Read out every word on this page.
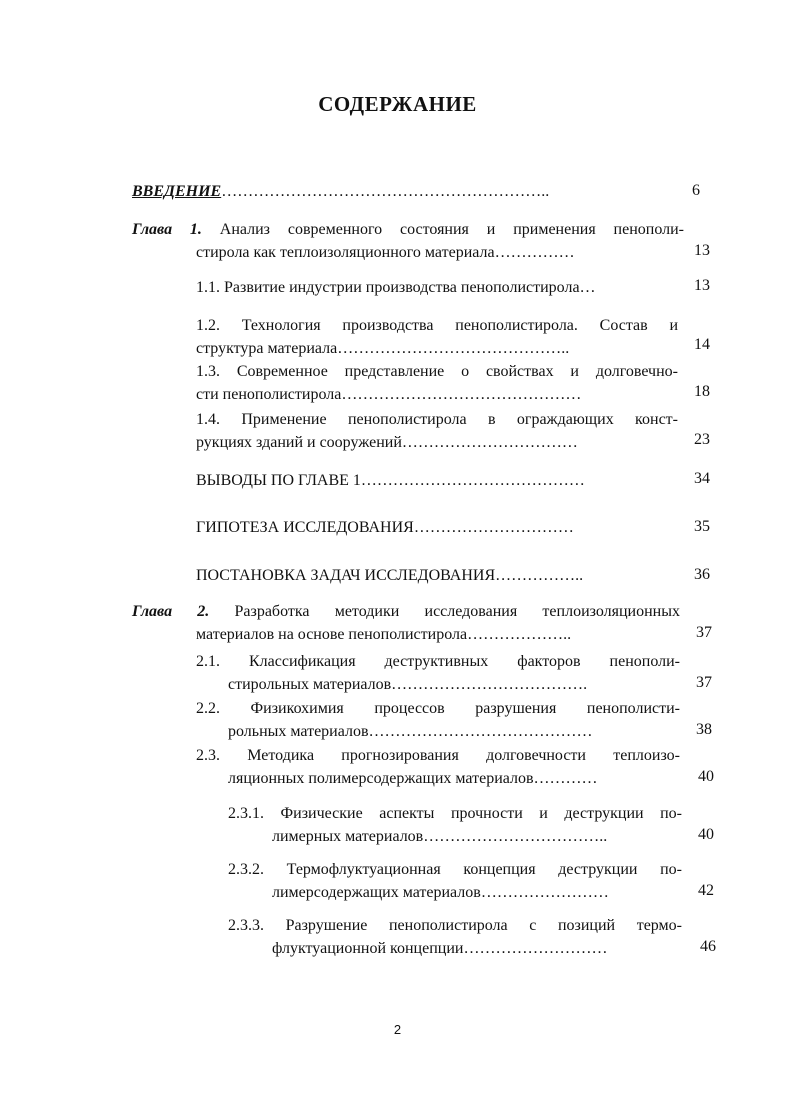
СОДЕРЖАНИЕ
ВВЕДЕНИЕ……………………………………………………..	6
Глава 1. Анализ современного состояния и применения пенополи-
стирола как теплоизоляционного материала……………	13
1.1. Развитие индустрии производства пенополистирола…	13
1.2. Технология производства пенополистирола. Состав и
структура материала……………………………………..	14
1.3. Современное представление о свойствах и долговечно-
сти пенополистирола………………………………………	18
1.4. Применение пенополистирола в ограждающих конст-
рукциях зданий и сооружений……………………………	23
ВЫВОДЫ ПО ГЛАВЕ 1……………………………………	34
ГИПОТЕЗА ИССЛЕДОВАНИЯ…………………………	35
ПОСТАНОВКА ЗАДАЧ ИССЛЕДОВАНИЯ……………..	36
Глава 2. Разработка методики исследования теплоизоляционных
материалов на основе пенополистирола………………..	37
2.1. Классификация деструктивных факторов пенополи-
стирольных материалов……………………………….	37
2.2. Физикохимия процессов разрушения пенополисти-
рольных материалов……………………………………	38
2.3. Методика прогнозирования долговечности теплоизо-
ляционных полимерсодержащих материалов…………	40
2.3.1. Физические аспекты прочности и деструкции по-
лимерных материалов……………………………..	40
2.3.2. Термофлуктуационная концепция деструкции по-
лимерсодержащих материалов……………………	42
2.3.3. Разрушение пенополистирола с позиций термо-
флуктуационной концепции………………………	46
2
